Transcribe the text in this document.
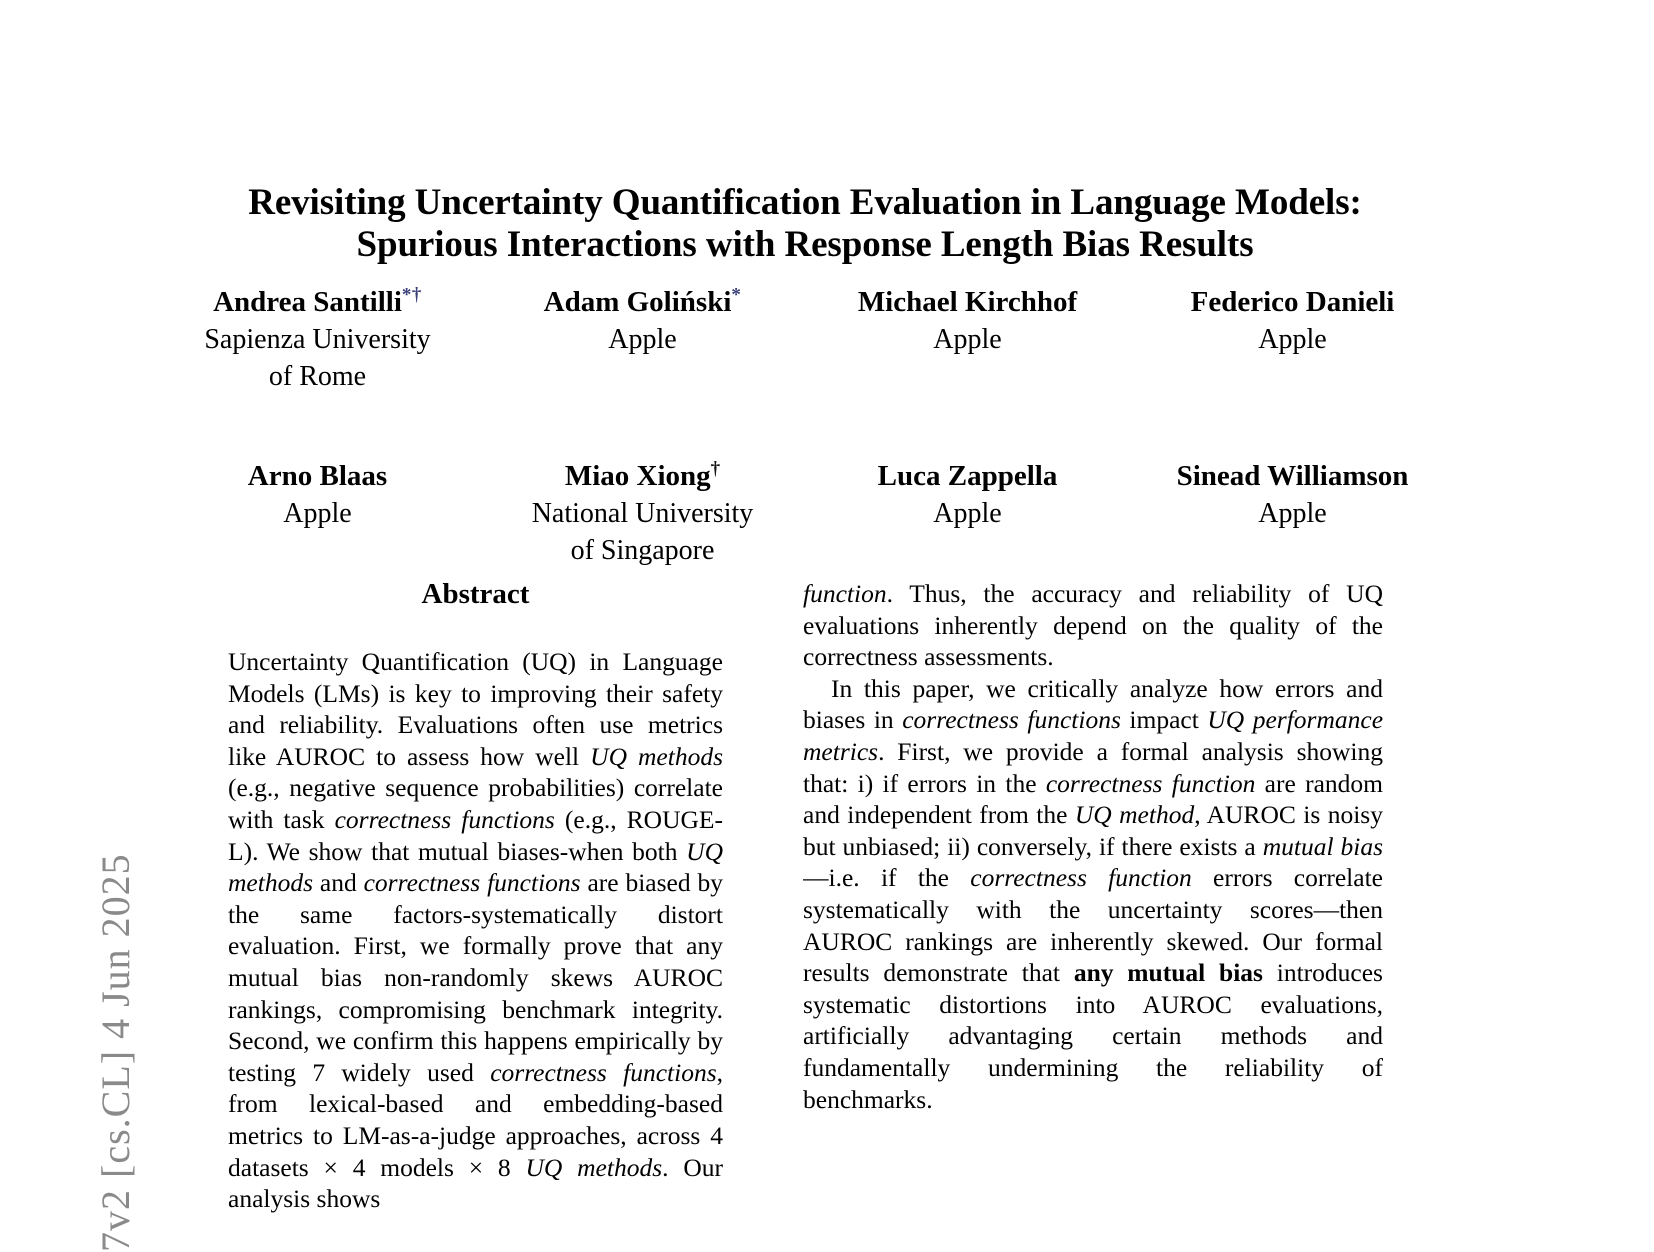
7v2 [cs.CL] 4 Jun 2025
Revisiting Uncertainty Quantification Evaluation in Language Models:
Spurious Interactions with Response Length Bias Results
Andrea Santilli*†
Sapienza University
of Rome
Adam Goliński*
Apple
Michael Kirchhof
Apple
Federico Danieli
Apple
Arno Blaas
Apple
Miao Xiong†
National University
of Singapore
Luca Zappella
Apple
Sinead Williamson
Apple
Abstract

Uncertainty Quantification (UQ) in Language Models (LMs) is key to improving their safety and reliability. Evaluations often use metrics like AUROC to assess how well UQ methods (e.g., negative sequence probabilities) correlate with task correctness functions (e.g., ROUGE-L). We show that mutual biases-when both UQ methods and correctness functions are biased by the same factors-systematically distort evaluation. First, we formally prove that any mutual bias non-randomly skews AUROC rankings, compromising benchmark integrity. Second, we confirm this happens empirically by testing 7 widely used correctness functions, from lexical-based and embedding-based metrics to LM-as-a-judge approaches, across 4 datasets × 4 models × 8 UQ methods. Our analysis shows

function. Thus, the accuracy and reliability of UQ evaluations inherently depend on the quality of the correctness assessments.

In this paper, we critically analyze how errors and biases in correctness functions impact UQ performance metrics. First, we provide a formal analysis showing that: i) if errors in the correctness function are random and independent from the UQ method, AUROC is noisy but unbiased; ii) conversely, if there exists a mutual bias—i.e. if the correctness function errors correlate systematically with the uncertainty scores—then AUROC rankings are inherently skewed. Our formal results demonstrate that any mutual bias introduces systematic distortions into AUROC evaluations, artificially advantaging certain methods and fundamentally undermining the reliability of benchmarks.
